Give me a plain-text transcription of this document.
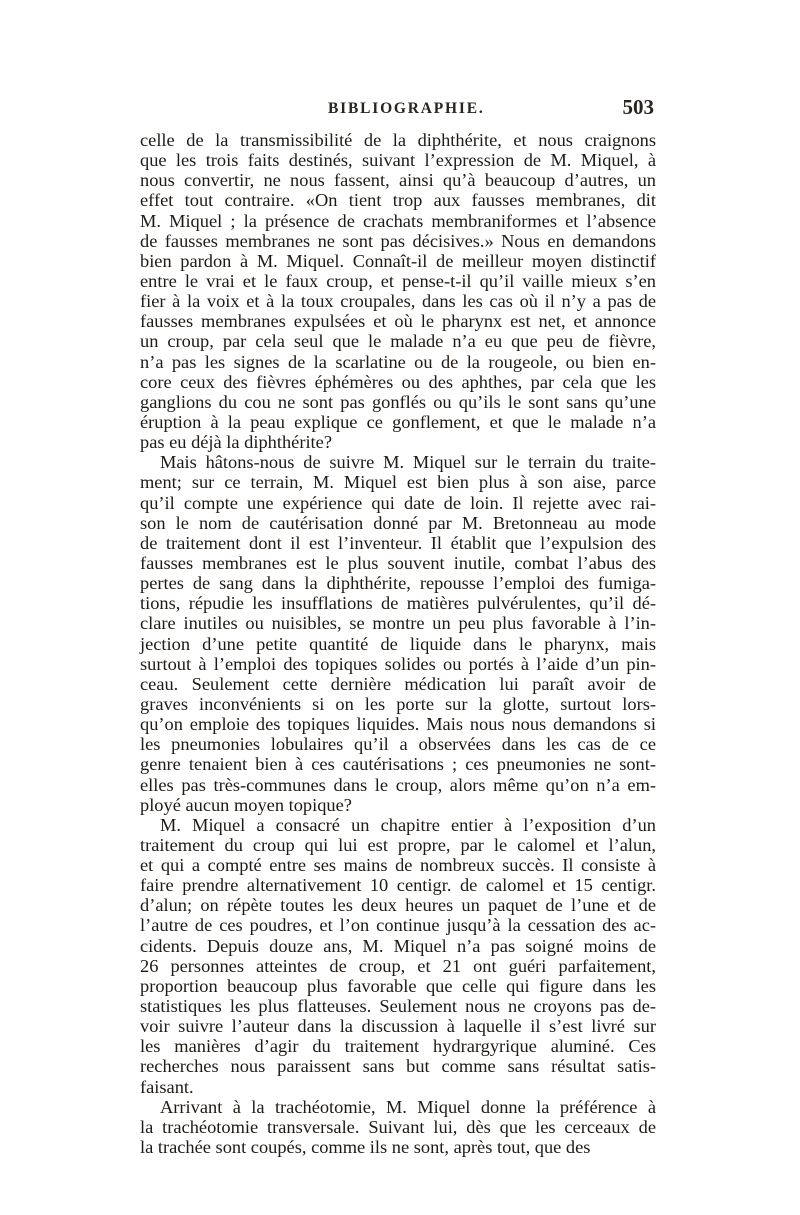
BIBLIOGRAPHIE.	503
celle de la transmissibilité de la diphthérite, et nous craignons
que les trois faits destinés, suivant l’expression de M. Miquel, à
nous convertir, ne nous fassent, ainsi qu’à beaucoup d’autres, un
effet tout contraire. «On tient trop aux fausses membranes, dit
M. Miquel ; la présence de crachats membraniformes et l’absence
de fausses membranes ne sont pas décisives.» Nous en demandons
bien pardon à M. Miquel. Connaît-il de meilleur moyen distinctif
entre le vrai et le faux croup, et pense-t-il qu’il vaille mieux s’en
fier à la voix et à la toux croupales, dans les cas où il n’y a pas de
fausses membranes expulsées et où le pharynx est net, et annonce
un croup, par cela seul que le malade n’a eu que peu de fièvre,
n’a pas les signes de la scarlatine ou de la rougeole, ou bien en-
core ceux des fièvres éphémères ou des aphthes, par cela que les
ganglions du cou ne sont pas gonflés ou qu’ils le sont sans qu’une
éruption à la peau explique ce gonflement, et que le malade n’a
pas eu déjà la diphthérite?
Mais hâtons-nous de suivre M. Miquel sur le terrain du traite-
ment; sur ce terrain, M. Miquel est bien plus à son aise, parce
qu’il compte une expérience qui date de loin. Il rejette avec rai-
son le nom de cautérisation donné par M. Bretonneau au mode
de traitement dont il est l’inventeur. Il établit que l’expulsion des
fausses membranes est le plus souvent inutile, combat l’abus des
pertes de sang dans la diphthérite, repousse l’emploi des fumiga-
tions, répudie les insufflations de matières pulvérulentes, qu’il dé-
clare inutiles ou nuisibles, se montre un peu plus favorable à l’in-
jection d’une petite quantité de liquide dans le pharynx, mais
surtout à l’emploi des topiques solides ou portés à l’aide d’un pin-
ceau. Seulement cette dernière médication lui paraît avoir de
graves inconvénients si on les porte sur la glotte, surtout lors-
qu’on emploie des topiques liquides. Mais nous nous demandons si
les pneumonies lobulaires qu’il a observées dans les cas de ce
genre tenaient bien à ces cautérisations ; ces pneumonies ne sont-
elles pas très-communes dans le croup, alors même qu’on n’a em-
ployé aucun moyen topique?
M. Miquel a consacré un chapitre entier à l’exposition d’un
traitement du croup qui lui est propre, par le calomel et l’alun,
et qui a compté entre ses mains de nombreux succès. Il consiste à
faire prendre alternativement 10 centigr. de calomel et 15 centigr.
d’alun; on répète toutes les deux heures un paquet de l’une et de
l’autre de ces poudres, et l’on continue jusqu’à la cessation des ac-
cidents. Depuis douze ans, M. Miquel n’a pas soigné moins de
26 personnes atteintes de croup, et 21 ont guéri parfaitement,
proportion beaucoup plus favorable que celle qui figure dans les
statistiques les plus flatteuses. Seulement nous ne croyons pas de-
voir suivre l’auteur dans la discussion à laquelle il s’est livré sur
les manières d’agir du traitement hydrargyrique aluminé. Ces
recherches nous paraissent sans but comme sans résultat satis-
faisant.
Arrivant à la trachéotomie, M. Miquel donne la préférence à
la trachéotomie transversale. Suivant lui, dès que les cerceaux de
la trachée sont coupés, comme ils ne sont, après tout, que des
